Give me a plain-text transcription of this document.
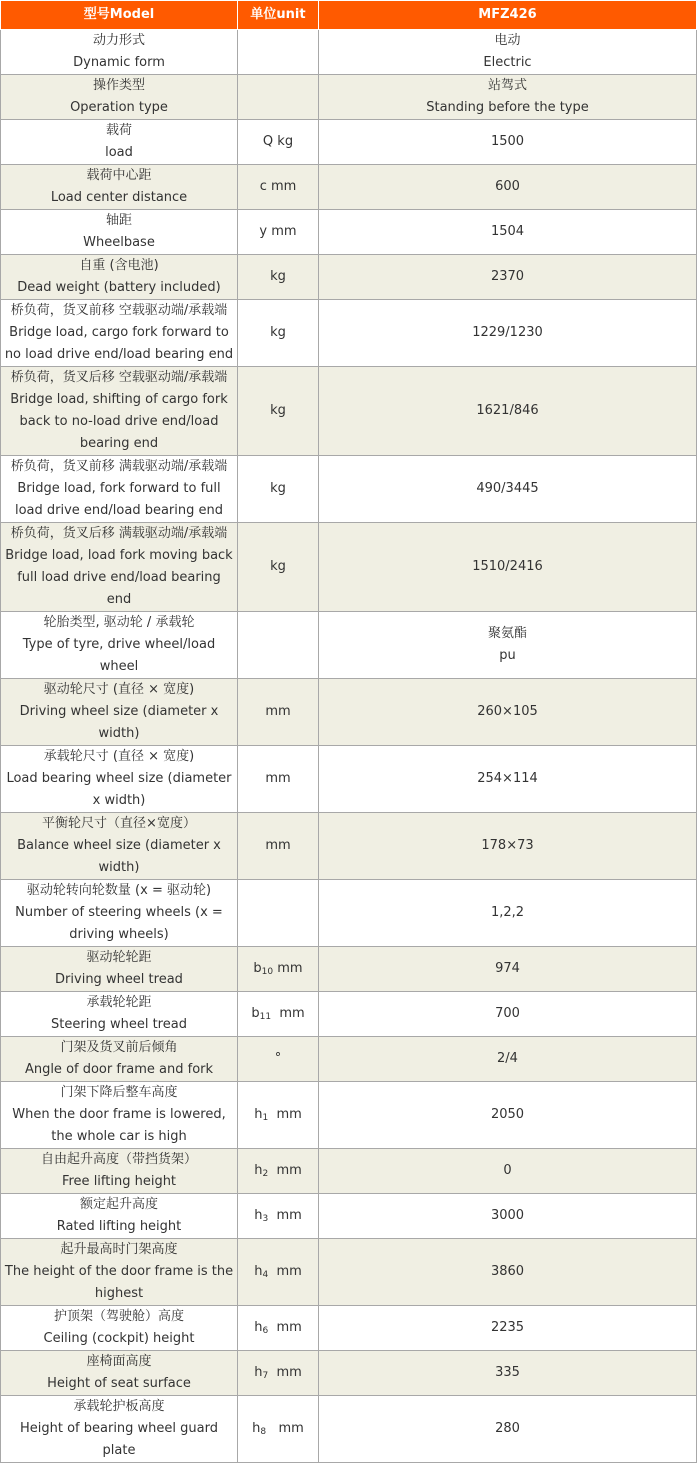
型号Model	单位unit	MFZ426

动力形式
Dynamic form		电动
Electric

操作类型
Operation type		站驾式
Standing before the type

载荷
load	Q kg	1500

载荷中心距
Load center distance	c mm	600

轴距
Wheelbase	y mm	1504

自重 (含电池)
Dead weight (battery included)	kg	2370

桥负荷，货叉前移 空载驱动端/承载端
Bridge load, cargo fork forward to no load drive end/load bearing end	kg	1229/1230

桥负荷，货叉后移 空载驱动端/承载端
Bridge load, shifting of cargo fork back to no-load drive end/load bearing end	kg	1621/846

桥负荷，货叉前移 满载驱动端/承载端
Bridge load, fork forward to full load drive end/load bearing end	kg	490/3445

桥负荷，货叉后移 满载驱动端/承载端
Bridge load, load fork moving back full load drive end/load bearing end	kg	1510/2416

轮胎类型, 驱动轮 / 承载轮
Type of tyre, drive wheel/load wheel		聚氨酯
pu

驱动轮尺寸 (直径 × 宽度)
Driving wheel size (diameter x width)	mm	260×105

承载轮尺寸 (直径 × 宽度)
Load bearing wheel size (diameter x width)	mm	254×114

平衡轮尺寸（直径×宽度）
Balance wheel size (diameter x width)	mm	178×73

驱动轮转向轮数量 (x = 驱动轮)
Number of steering wheels (x = driving wheels)		1,2,2

驱动轮轮距
Driving wheel tread	$b_{10}$ mm	974

承载轮轮距
Steering wheel tread	$b_{11}$  mm	700

门架及货叉前后倾角
Angle of door frame and fork	°	2/4

门架下降后整车高度
When the door frame is lowered, the whole car is high	$h_1$  mm	2050

自由起升高度（带挡货架）
Free lifting height	$h_2$  mm	0

额定起升高度
Rated lifting height	$h_3$  mm	3000

起升最高时门架高度
The height of the door frame is the highest	$h_4$  mm	3860

护顶架（驾驶舱）高度
Ceiling (cockpit) height	$h_6$  mm	2235

座椅面高度
Height of seat surface	$h_7$  mm	335

承载轮护板高度
Height of bearing wheel guard plate	$h_8$   mm	280
